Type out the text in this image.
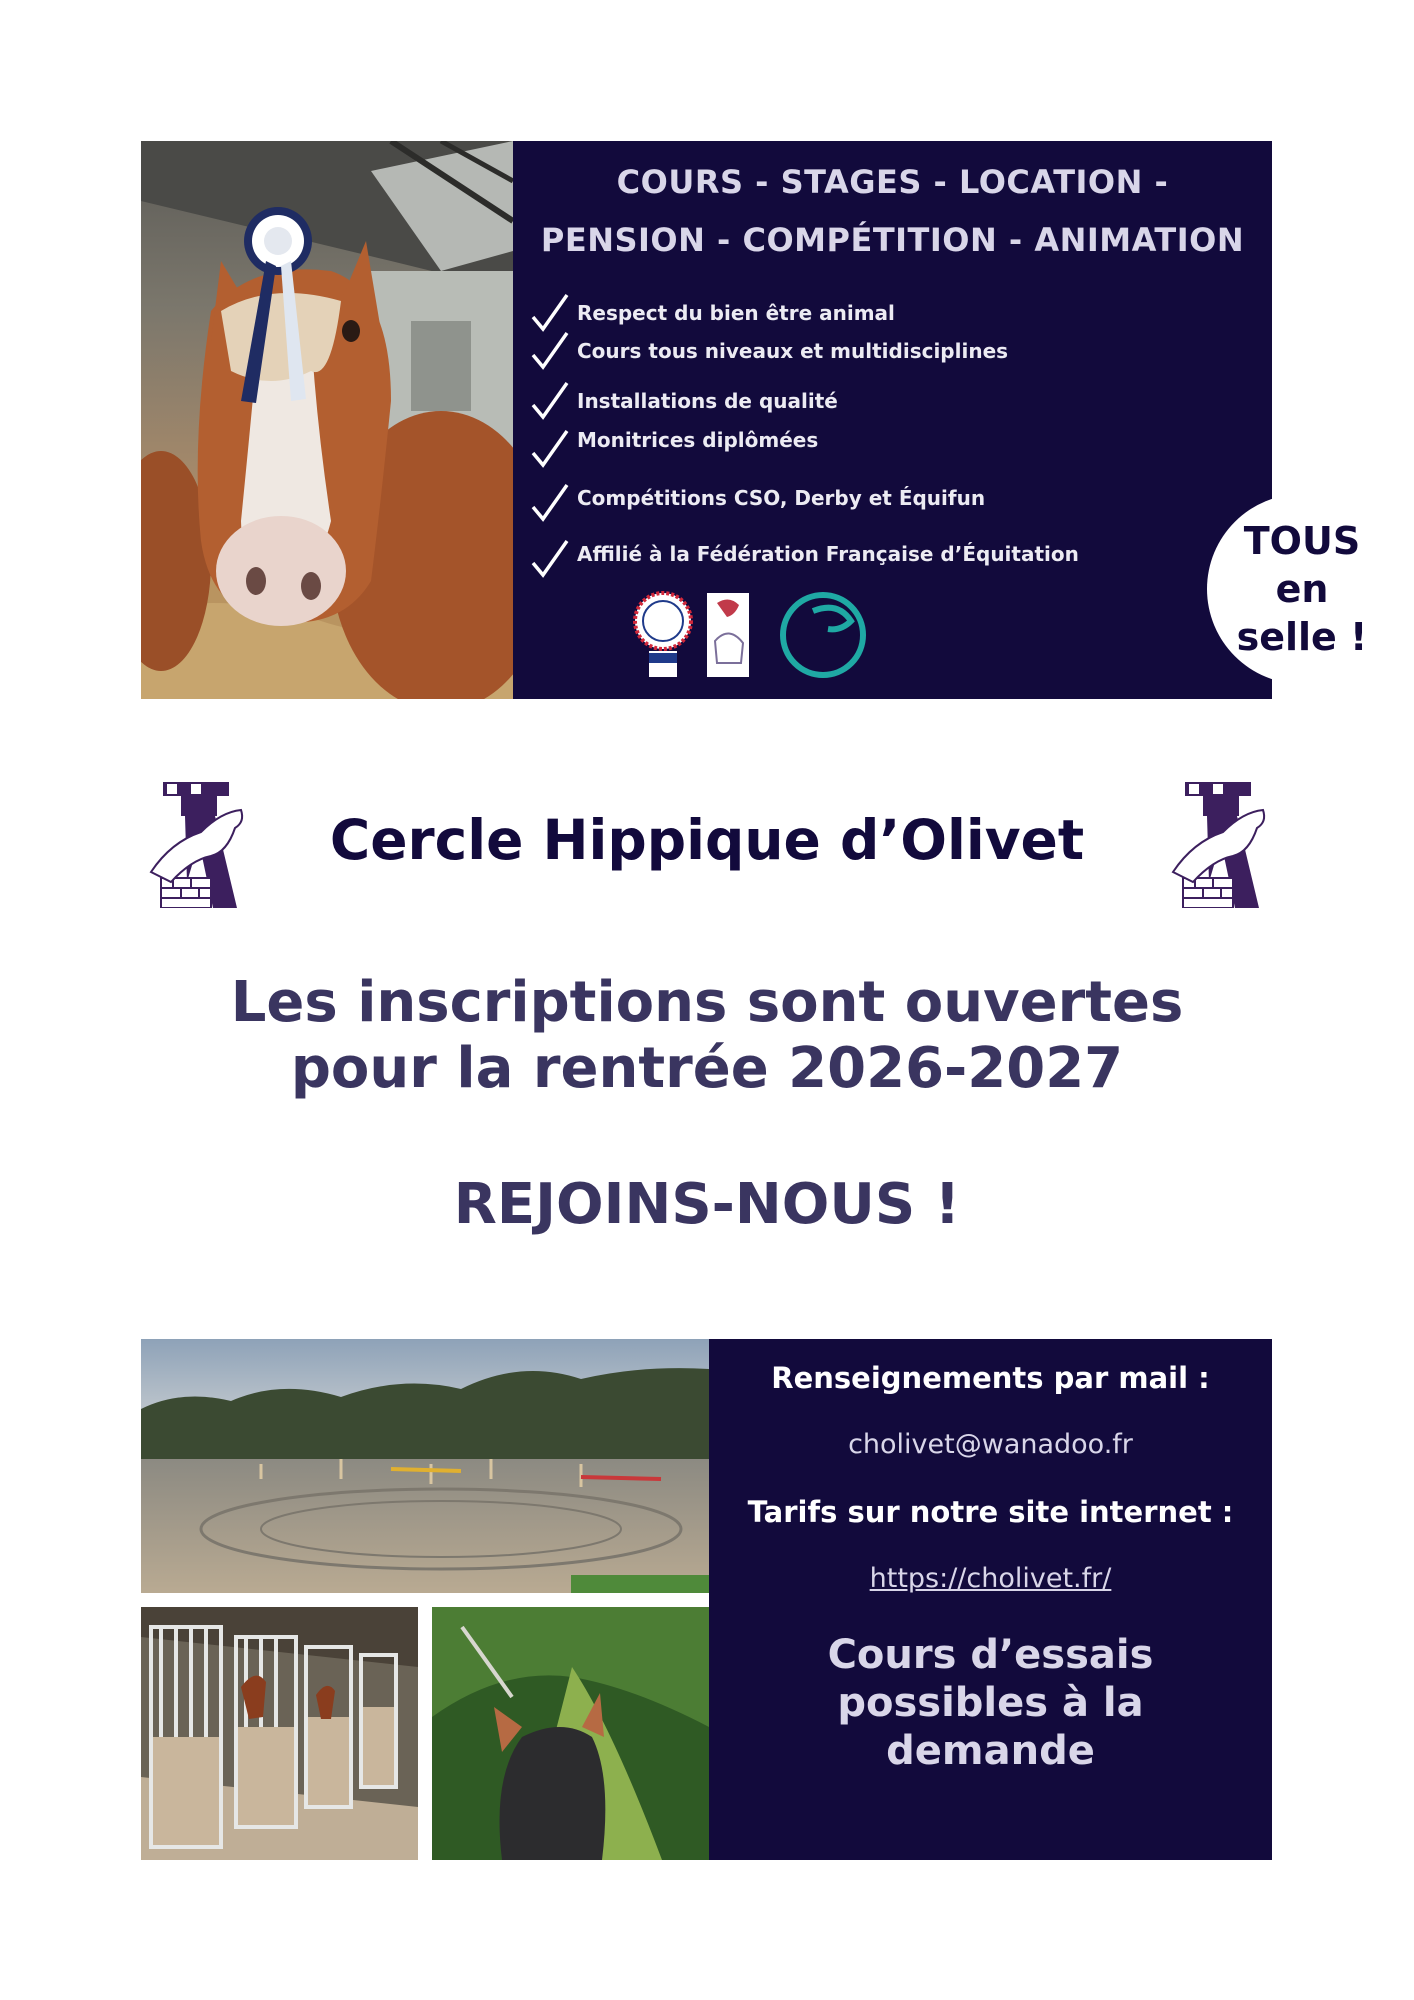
COURS - STAGES - LOCATION -
PENSION - COMPÉTITION - ANIMATION
Respect du bien être animal
Cours tous niveaux et multidisciplines
Installations de qualité
Monitrices diplômées
Compétitions CSO, Derby et Équifun
Affilié à la Fédération Française d’Équitation	TOUS
en
selle !
Cercle Hippique d’Olivet
Les inscriptions sont ouvertes
pour la rentrée 2026-2027
REJOINS-NOUS !
Renseignements par mail :
cholivet@wanadoo.fr
Tarifs sur notre site internet :
https://cholivet.fr/
Cours d’essais
possibles à la
demande
